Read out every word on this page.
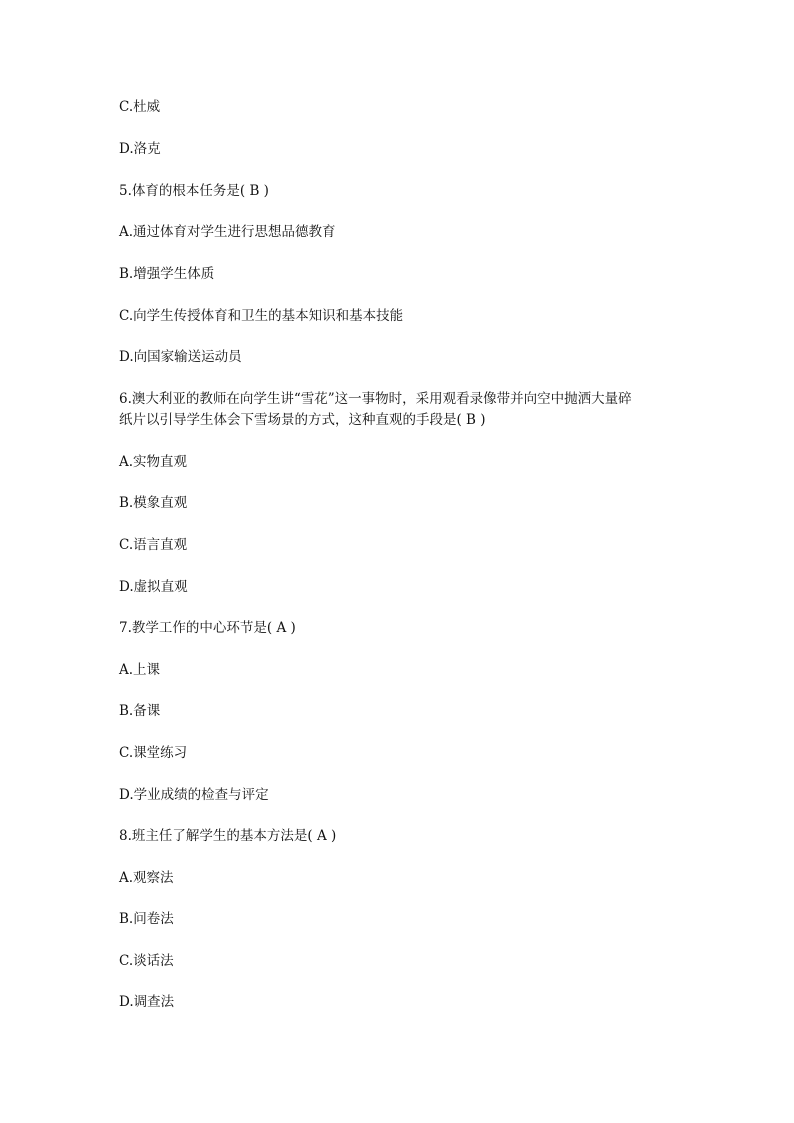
C.杜威
D.洛克
5.体育的根本任务是( B )
A.通过体育对学生进行思想品德教育
B.增强学生体质
C.向学生传授体育和卫生的基本知识和基本技能
D.向国家输送运动员
6.澳大利亚的教师在向学生讲“雪花”这一事物时，采用观看录像带并向空中抛洒大量碎
纸片以引导学生体会下雪场景的方式，这种直观的手段是( B )
A.实物直观
B.模象直观
C.语言直观
D.虚拟直观
7.教学工作的中心环节是( A )
A.上课
B.备课
C.课堂练习
D.学业成绩的检查与评定
8.班主任了解学生的基本方法是( A )
A.观察法
B.问卷法
C.谈话法
D.调查法
